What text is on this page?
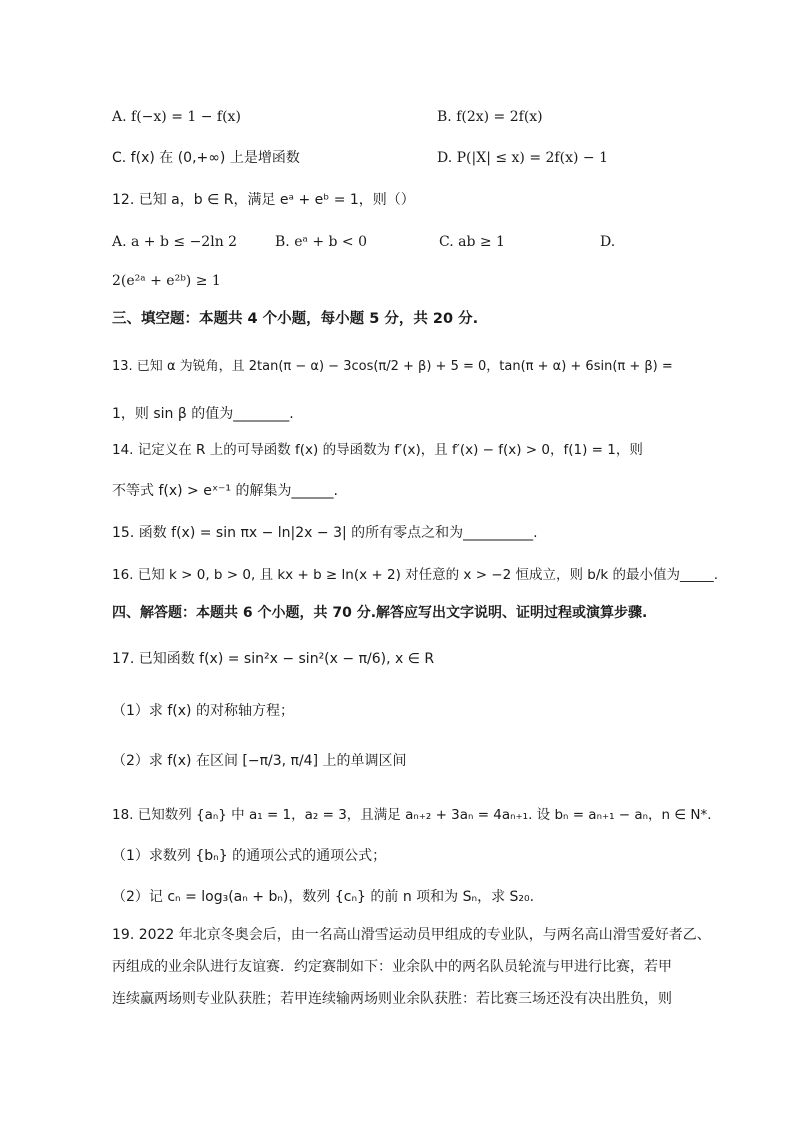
A. f(−x) = 1 − f(x)	B. f(2x) = 2f(x)
C. f(x) 在 (0,+∞) 上是增函数	D. P(|X| ≤ x) = 2f(x) − 1
12. 已知 a，b ∈ R，满足 eᵃ + eᵇ = 1，则（）
A. a + b ≤ −2ln 2	B. eᵃ + b < 0	C. ab ≥ 1	D.
2(e²ᵃ + e²ᵇ) ≥ 1
三、填空题：本题共 4 个小题，每小题 5 分，共 20 分.
13. 已知 α 为锐角，且 2tan(π − α) − 3cos(π/2 + β) + 5 = 0，tan(π + α) + 6sin(π + β) =
1，则 sin β 的值为________.
14. 记定义在 R 上的可导函数 f(x) 的导函数为 f′(x)，且 f′(x) − f(x) > 0，f(1) = 1，则
不等式 f(x) > eˣ⁻¹ 的解集为______.
15. 函数 f(x) = sin πx − ln|2x − 3| 的所有零点之和为__________.
16. 已知 k > 0, b > 0, 且 kx + b ≥ ln(x + 2) 对任意的 x > −2 恒成立，则 b/k 的最小值为_____.
四、解答题：本题共 6 个小题，共 70 分.解答应写出文字说明、证明过程或演算步骤.
17. 已知函数 f(x) = sin²x − sin²(x − π/6), x ∈ R
（1）求 f(x) 的对称轴方程；
（2）求 f(x) 在区间 [−π/3, π/4] 上的单调区间
18. 已知数列 {aₙ} 中 a₁ = 1，a₂ = 3，且满足 aₙ₊₂ + 3aₙ = 4aₙ₊₁. 设 bₙ = aₙ₊₁ − aₙ，n ∈ N*.
（1）求数列 {bₙ} 的通项公式的通项公式；
（2）记 cₙ = log₃(aₙ + bₙ)，数列 {cₙ} 的前 n 项和为 Sₙ，求 S₂₀.
19. 2022 年北京冬奥会后，由一名高山滑雪运动员甲组成的专业队，与两名高山滑雪爱好者乙、
丙组成的业余队进行友谊赛．约定赛制如下：业余队中的两名队员轮流与甲进行比赛，若甲
连续赢两场则专业队获胜；若甲连续输两场则业余队获胜：若比赛三场还没有决出胜负，则
